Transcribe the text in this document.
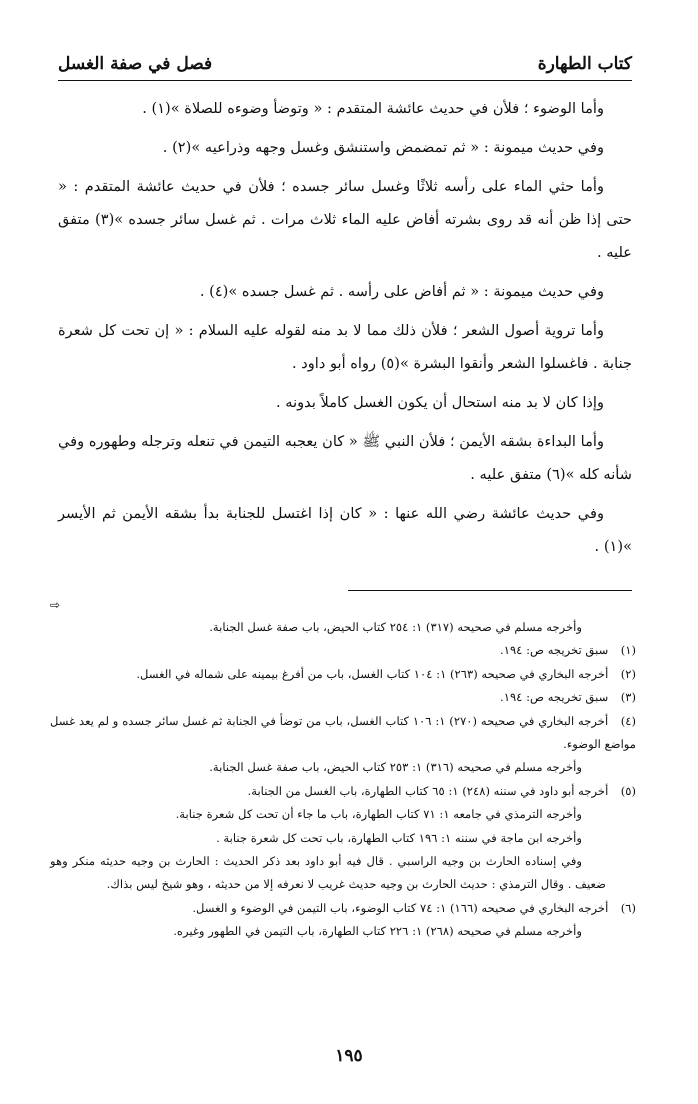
كتاب الطهارة
فصل في صفة الغسل

وأما الوضوء ؛ فلأن في حديث عائشة المتقدم : « وتوضأ وضوءه للصلاة »(١) .

وفي حديث ميمونة : « ثم تمضمض واستنشق وغسل وجهه وذراعيه »(٢) .

وأما حثي الماء على رأسه ثلاثًا وغسل سائر جسده ؛ فلأن في حديث عائشة المتقدم : « حتى إذا ظن أنه قد روى بشرته أفاض عليه الماء ثلاث مرات . ثم غسل سائر جسده »(٣) متفق عليه .

وفي حديث ميمونة : « ثم أفاض على رأسه . ثم غسل جسده »(٤) .

وأما تروية أصول الشعر ؛ فلأن ذلك مما لا بد منه لقوله عليه السلام : « إن تحت كل شعرة جنابة . فاغسلوا الشعر وأنقوا البشرة »(٥) رواه أبو داود .

وإذا كان لا بد منه استحال أن يكون الغسل كاملاً بدونه .

وأما البداءة بشقه الأيمن ؛ فلأن النبي ﷺ « كان يعجبه التيمن في تنعله وترجله وطهوره وفي شأنه كله »(٦) متفق عليه .

وفي حديث عائشة رضي الله عنها : « كان إذا اغتسل للجنابة بدأ بشقه الأيمن ثم الأيسر »(١) .

⇨

وأخرجه مسلم في صحيحه (٣١٧) ١: ٢٥٤ كتاب الحيض، باب صفة غسل الجنابة.

(١) سبق تخريجه ص: ١٩٤.

(٢) أخرجه البخاري في صحيحه (٢٦٣) ١: ١٠٤ كتاب الغسل، باب من أفرغ بيمينه على شماله في الغسل.

(٣) سبق تخريجه ص: ١٩٤.

(٤) أخرجه البخاري في صحيحه (٢٧٠) ١: ١٠٦ كتاب الغسل، باب من توضأ في الجنابة ثم غسل سائر جسده و لم يعد غسل مواضع الوضوء.

وأخرجه مسلم في صحيحه (٣١٦) ١: ٢٥٣ كتاب الحيض، باب صفة غسل الجنابة.

(٥) أخرجه أبو داود في سننه (٢٤٨) ١: ٦٥ كتاب الطهارة، باب الغسل من الجنابة.

وأخرجه الترمذي في جامعه ١: ٧١ كتاب الطهارة، باب ما جاء أن تحت كل شعرة جنابة.

وأخرجه ابن ماجة في سننه ١: ١٩٦ كتاب الطهارة، باب تحت كل شعرة جنابة .

وفي إسناده الحارث بن وجيه الراسبي . قال فيه أبو داود بعد ذكر الحديث : الحارث بن وجيه حديثه منكر وهو ضعيف . وقال الترمذي : حديث الحارث بن وجيه حديث غريب لا نعرفه إلا من حديثه ، وهو شيخ ليس بذاك.

(٦) أخرجه البخاري في صحيحه (١٦٦) ١: ٧٤ كتاب الوضوء، باب التيمن في الوضوء و الغسل.

وأخرجه مسلم في صحيحه (٢٦٨) ١: ٢٢٦ كتاب الطهارة، باب التيمن في الطهور وغيره.

١٩٥
